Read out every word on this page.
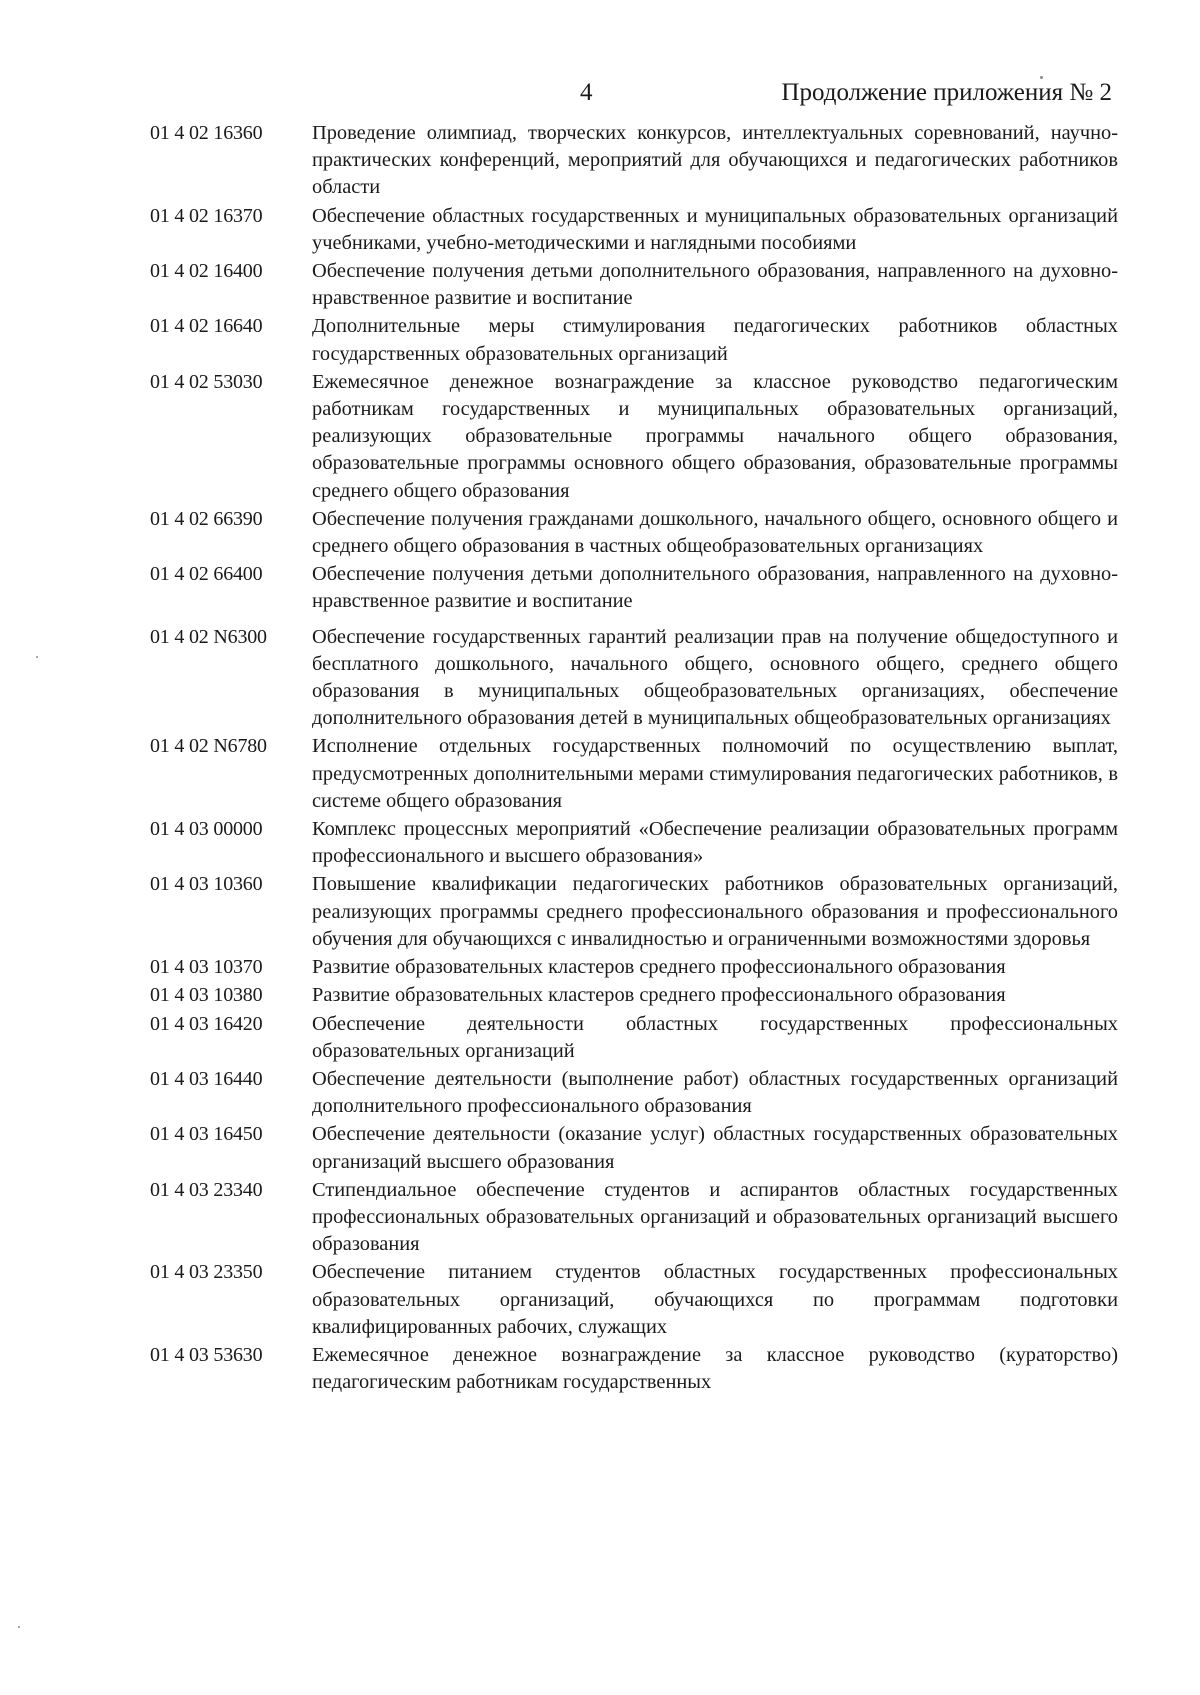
4	Продолжение приложения № 2
01 4 02 16360	Проведение олимпиад, творческих конкурсов, интеллектуальных соревнований, научно-практических конференций, мероприятий для обучающихся и педагогических работников области
01 4 02 16370	Обеспечение областных государственных и муниципальных образовательных организаций учебниками, учебно-методическими и наглядными пособиями
01 4 02 16400	Обеспечение получения детьми дополнительного образования, направленного на духовно-нравственное развитие и воспитание
01 4 02 16640	Дополнительные меры стимулирования педагогических работников областных государственных образовательных организаций
01 4 02 53030	Ежемесячное денежное вознаграждение за классное руководство педагогическим работникам государственных и муниципальных образовательных организаций, реализующих образовательные программы начального общего образования, образовательные программы основного общего образования, образовательные программы среднего общего образования
01 4 02 66390	Обеспечение получения гражданами дошкольного, начального общего, основного общего и среднего общего образования в частных общеобразовательных организациях
01 4 02 66400	Обеспечение получения детьми дополнительного образования, направленного на духовно-нравственное развитие и воспитание
01 4 02 N6300	Обеспечение государственных гарантий реализации прав на получение общедоступного и бесплатного дошкольного, начального общего, основного общего, среднего общего образования в муниципальных общеобразовательных организациях, обеспечение дополнительного образования детей в муниципальных общеобразовательных организациях
01 4 02 N6780	Исполнение отдельных государственных полномочий по осуществлению выплат, предусмотренных дополнительными мерами стимулирования педагогических работников, в системе общего образования
01 4 03 00000	Комплекс процессных мероприятий «Обеспечение реализации образовательных программ профессионального и высшего образования»
01 4 03 10360	Повышение квалификации педагогических работников образовательных организаций, реализующих программы среднего профессионального образования и профессионального обучения для обучающихся с инвалидностью и ограниченными возможностями здоровья
01 4 03 10370	Развитие образовательных кластеров среднего профессионального образования
01 4 03 10380	Развитие образовательных кластеров среднего профессионального образования
01 4 03 16420	Обеспечение деятельности областных государственных профессиональных образовательных организаций
01 4 03 16440	Обеспечение деятельности (выполнение работ) областных государственных организаций дополнительного профессионального образования
01 4 03 16450	Обеспечение деятельности (оказание услуг) областных государственных образовательных организаций высшего образования
01 4 03 23340	Стипендиальное обеспечение студентов и аспирантов областных государственных профессиональных образовательных организаций и образовательных организаций высшего образования
01 4 03 23350	Обеспечение питанием студентов областных государственных профессиональных образовательных организаций, обучающихся по программам подготовки квалифицированных рабочих, служащих
01 4 03 53630	Ежемесячное денежное вознаграждение за классное руководство (кураторство) педагогическим работникам государственных
